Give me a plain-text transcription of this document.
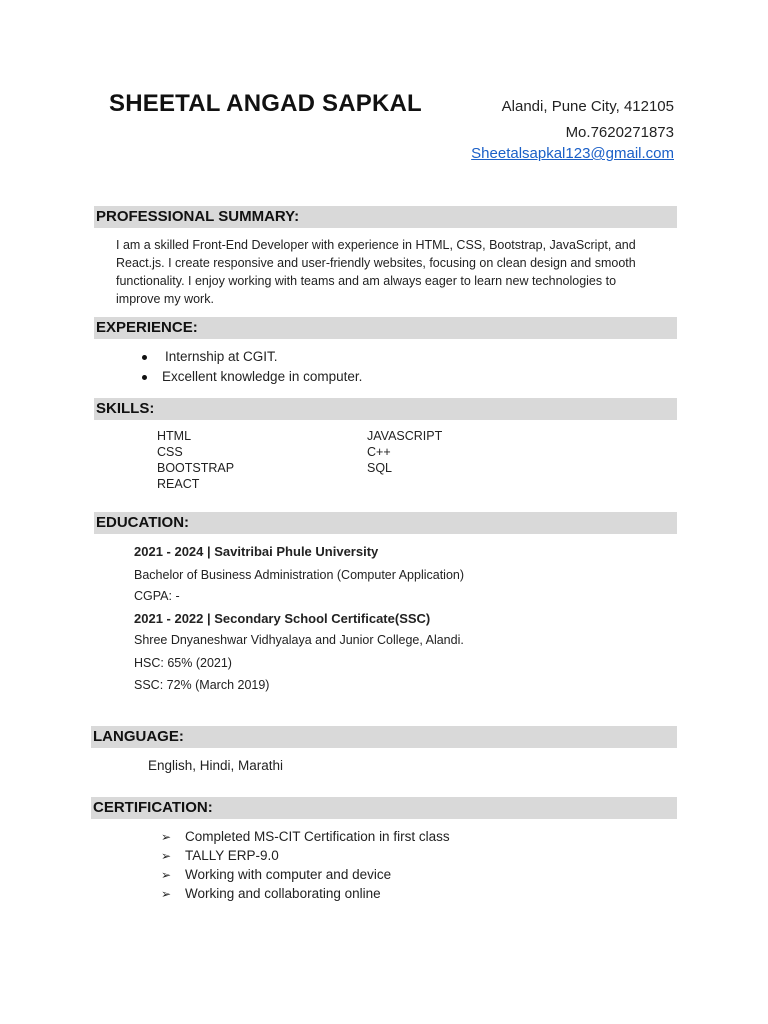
SHEETAL ANGAD SAPKAL	Alandi, Pune City, 412105
Mo.7620271873
Sheetalsapkal123@gmail.com
PROFESSIONAL SUMMARY:
I am a skilled Front-End Developer with experience in HTML, CSS, Bootstrap, JavaScript, and
React.js. I create responsive and user-friendly websites, focusing on clean design and smooth
functionality. I enjoy working with teams and am always eager to learn new technologies to
improve my work.
EXPERIENCE:
Internship at CGIT.
Excellent knowledge in computer.
SKILLS:
HTML
CSS
BOOTSTRAP
REACT
JAVASCRIPT
C++
SQL
EDUCATION:
2021 - 2024 | Savitribai Phule University
Bachelor of Business Administration (Computer Application)
CGPA: -
2021 - 2022 | Secondary School Certificate(SSC)
Shree Dnyaneshwar Vidhyalaya and Junior College, Alandi.
HSC: 65% (2021)
SSC: 72% (March 2019)
LANGUAGE:
English, Hindi, Marathi
CERTIFICATION:
➢ Completed MS-CIT Certification in first class
➢ TALLY ERP-9.0
➢ Working with computer and device
➢ Working and collaborating online
